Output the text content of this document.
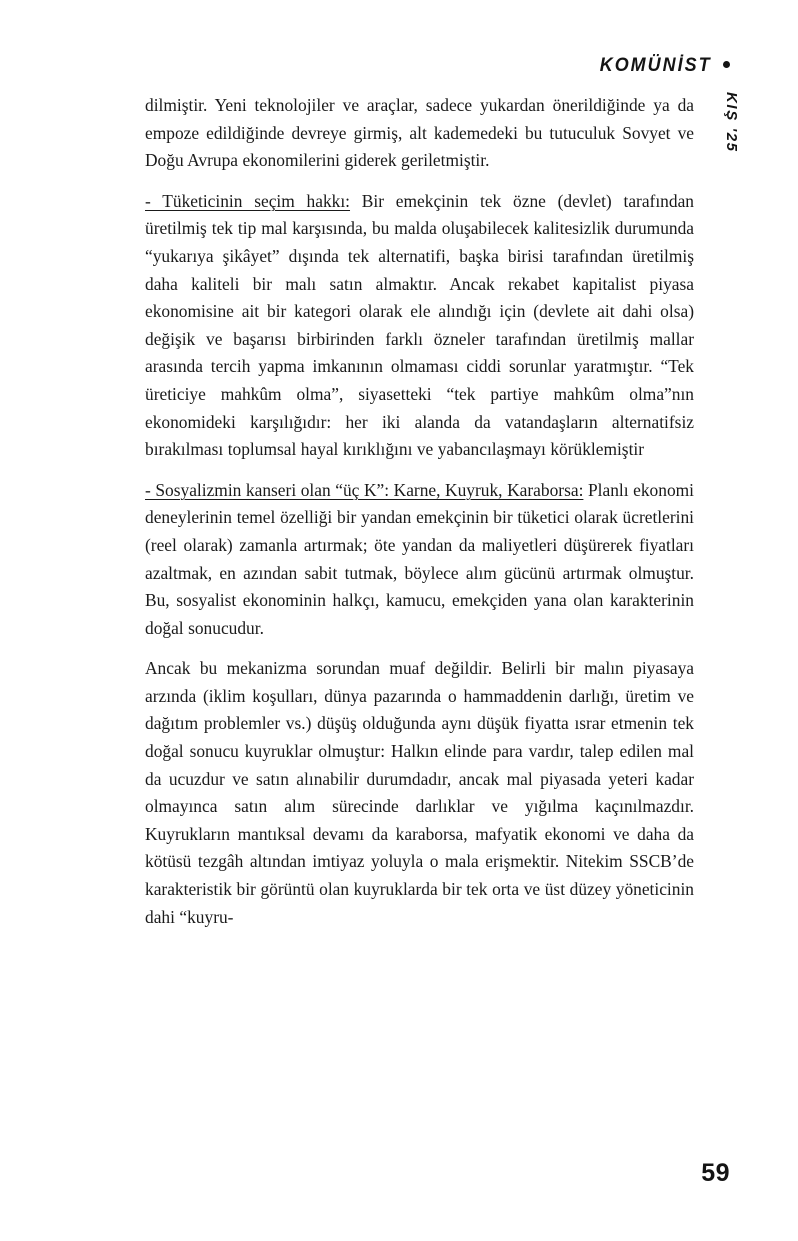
KOMÜNİST
KIŞ '25

dilmiştir. Yeni teknolojiler ve araçlar, sadece yukardan önerildiğinde ya da empoze edildiğinde devreye girmiş, alt kademedeki bu tutuculuk Sovyet ve Doğu Avrupa ekonomilerini giderek geriletmiştir.

- Tüketicinin seçim hakkı: Bir emekçinin tek özne (devlet) tarafından üretilmiş tek tip mal karşısında, bu malda oluşabilecek kalitesizlik durumunda “yukarıya şikâyet” dışında tek alternatifi, başka birisi tarafından üretilmiş daha kaliteli bir malı satın almaktır. Ancak rekabet kapitalist piyasa ekonomisine ait bir kategori olarak ele alındığı için (devlete ait dahi olsa) değişik ve başarısı birbirinden farklı özneler tarafından üretilmiş mallar arasında tercih yapma imkanının olmaması ciddi sorunlar yaratmıştır. “Tek üreticiye mahkûm olma”, siyasetteki “tek partiye mahkûm olma”nın ekonomideki karşılığıdır: her iki alanda da vatandaşların alternatifsiz bırakılması toplumsal hayal kırıklığını ve yabancılaşmayı körüklemiştir

- Sosyalizmin kanseri olan “üç K”: Karne, Kuyruk, Karaborsa: Planlı ekonomi deneylerinin temel özelliği bir yandan emekçinin bir tüketici olarak ücretlerini (reel olarak) zamanla artırmak; öte yandan da maliyetleri düşürerek fiyatları azaltmak, en azından sabit tutmak, böylece alım gücünü artırmak olmuştur. Bu, sosyalist ekonominin halkçı, kamucu, emekçiden yana olan karakterinin doğal sonucudur.

Ancak bu mekanizma sorundan muaf değildir. Belirli bir malın piyasaya arzında (iklim koşulları, dünya pazarında o hammaddenin darlığı, üretim ve dağıtım problemler vs.) düşüş olduğunda aynı düşük fiyatta ısrar etmenin tek doğal sonucu kuyruklar olmuştur: Halkın elinde para vardır, talep edilen mal da ucuzdur ve satın alınabilir durumdadır, ancak mal piyasada yeteri kadar olmayınca satın alım sürecinde darlıklar ve yığılma kaçınılmazdır. Kuyrukların mantıksal devamı da karaborsa, mafyatik ekonomi ve daha da kötüsü tezgâh altından imtiyaz yoluyla o mala erişmektir. Nitekim SSCB’de karakteristik bir görüntü olan kuyruklarda bir tek orta ve üst düzey yöneticinin dahi “kuyru-

59
